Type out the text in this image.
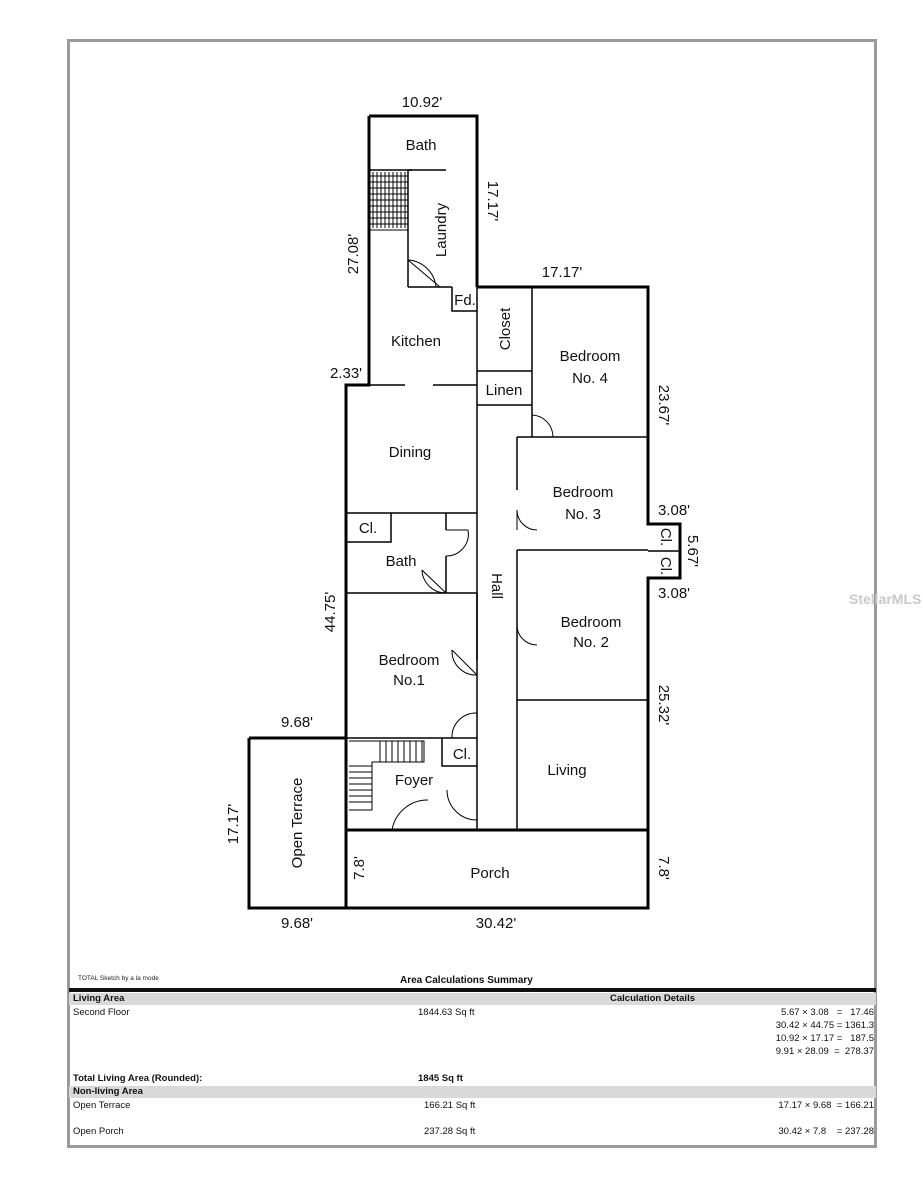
Bath
Laundry
Fd.
Closet
Kitchen
Linen
Bedroom
No. 4
Dining
Bedroom
No. 3
Cl.	Cl.
Cl.
Bath
Hall
Bedroom
No. 2
Bedroom
No.1
Cl.
Foyer
Living
Open Terrace
Porch
10.92'
17.17'
27.08'	17.17'
23.67'
2.33'
3.08'
5.67'
3.08'
44.75'
25.32'
9.68'
17.17'
7.8'	7.8'
9.68'	30.42'
StellarMLS
TOTAL Sketch by a la mode	Area Calculations Summary
Living Area	Calculation Details
Second Floor	1844.63 Sq ft	5.67 × 3.08   =   17.46
30.42 × 44.75 = 1361.3
10.92 × 17.17 =   187.5
9.91 × 28.09  =  278.37
Total Living Area (Rounded):	1845 Sq ft
Non-living Area
Open Terrace	166.21 Sq ft	17.17 × 9.68  = 166.21
Open Porch	237.28 Sq ft	30.42 × 7.8    = 237.28
